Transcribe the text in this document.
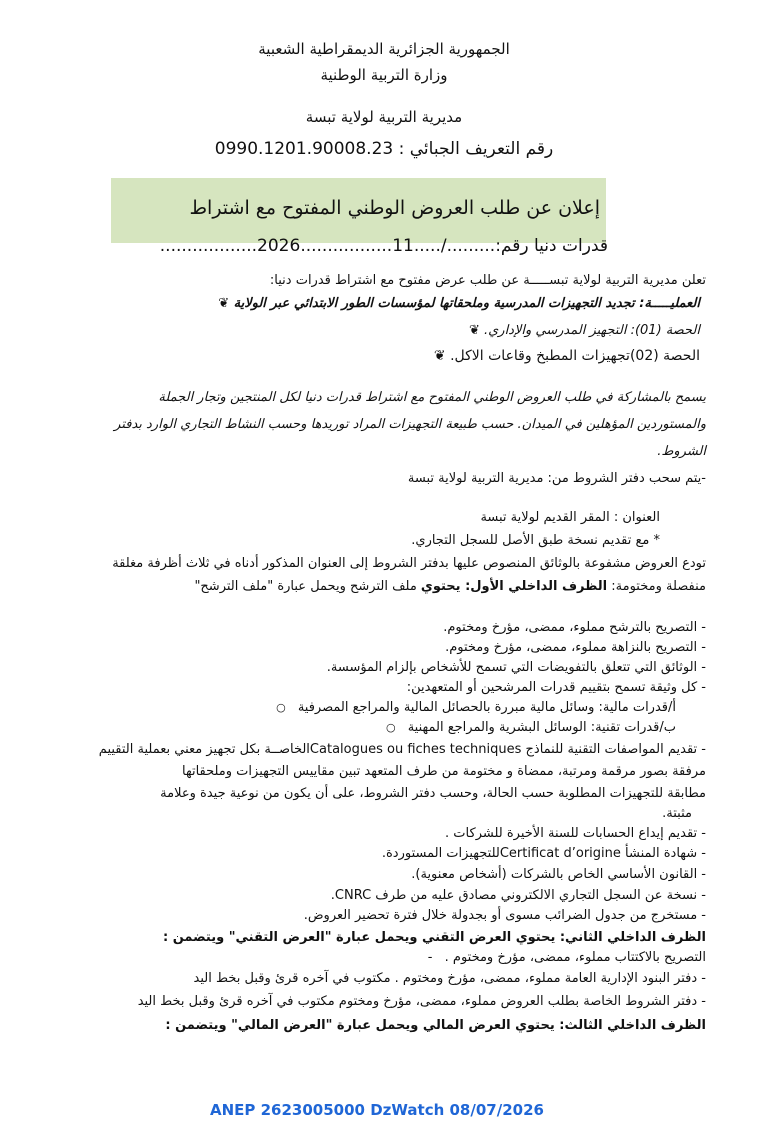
الجمهورية الجزائرية الديمقراطية الشعبية
وزارة التربية الوطنية
مديرية التربية لولاية تبسة
رقم التعريف الجبائي : 0990.1201.90008.23
إعلان عن طلب العروض الوطني المفتوح مع اشتراط
قدرات دنيا رقم:........./.....11.................2026..................
تعلن مديرية التربية لولاية تبســـــة عن طلب عرض مفتوح مع اشتراط قدرات دنيا:
العمليـــــة: تجديد التجهيزات المدرسية وملحقاتها لمؤسسات الطور الابتدائي عبر الولاية ❦
الحصة (01): التجهيز المدرسي والإداري. ❦
الحصة (02)تجهيزات المطبخ وقاعات الاكل. ❦
يسمح بالمشاركة في طلب العروض الوطني المفتوح مع اشتراط قدرات دنيا لكل المنتجين وتجار الجملة
والمستوردين المؤهلين في الميدان. حسب طبيعة التجهيزات المراد توريدها وحسب النشاط التجاري الوارد بدفتر
الشروط.
-يتم سحب دفتر الشروط من: مديرية التربية لولاية تبسة
العنوان : المقر القديم لولاية تبسة
* مع تقديم نسخة طبق الأصل للسجل التجاري.
تودع العروض مشفوعة بالوثائق المنصوص عليها بدفتر الشروط إلى العنوان المذكور أدناه في ثلاث أظرفة مغلقة
منفصلة ومختومة: الظرف الداخلي الأول: يحتوي ملف الترشح ويحمل عبارة "ملف الترشح"
- التصريح بالترشح مملوء، ممضى، مؤرخ ومختوم.
- التصريح بالنزاهة مملوء، ممضى، مؤرخ ومختوم.
- الوثائق التي تتعلق بالتفويضات التي تسمح للأشخاص بإلزام المؤسسة.
- كل وثيقة تسمح بتقييم قدرات المرشحين أو المتعهدين:
أ/قدرات مالية: وسائل مالية مبررة بالحصائل المالية والمراجع المصرفية ○
ب/قدرات تقنية: الوسائل البشرية والمراجع المهنية ○
- تقديم المواصفات التقنية للنماذج Catalogues ou fiches techniquesالخاصــة بكل تجهيز معني بعملية التقييم
مرفقة بصور مرقمة ومرتبة، ممضاة و مختومة من طرف المتعهد تبين مقاييس التجهيزات وملحقاتها
مطابقة للتجهيزات المطلوبة حسب الحالة، وحسب دفتر الشروط، على أن يكون من نوعية جيدة وعلامة
مثبتة.
- تقديم إيداع الحسابات للسنة الأخيرة للشركات .
- شهادة المنشأ Certificat d’origineللتجهيزات المستوردة.
- القانون الأساسي الخاص بالشركات (أشخاص معنوية).
- نسخة عن السجل التجاري الالكتروني مصادق عليه من طرف CNRC.
- مستخرج من جدول الضرائب مسوى أو بجدولة خلال فترة تحضير العروض.
الظرف الداخلي الثاني: يحتوي العرض التقني ويحمل عبارة "العرض التقني" ويتضمن :
التصريح بالاكتتاب مملوء، ممضى، مؤرخ ومختوم . -
- دفتر البنود الإدارية العامة مملوء، ممضى، مؤرخ ومختوم . مكتوب في آخره قرئ وقبل بخط اليد
- دفتر الشروط الخاصة بطلب العروض مملوء، ممضى، مؤرخ ومختوم مكتوب في آخره قرئ وقبل بخط اليد
الظرف الداخلي الثالث: يحتوي العرض المالي ويحمل عبارة "العرض المالي" ويتضمن :
ANEP 2623005000 DzWatch 08/07/2026
